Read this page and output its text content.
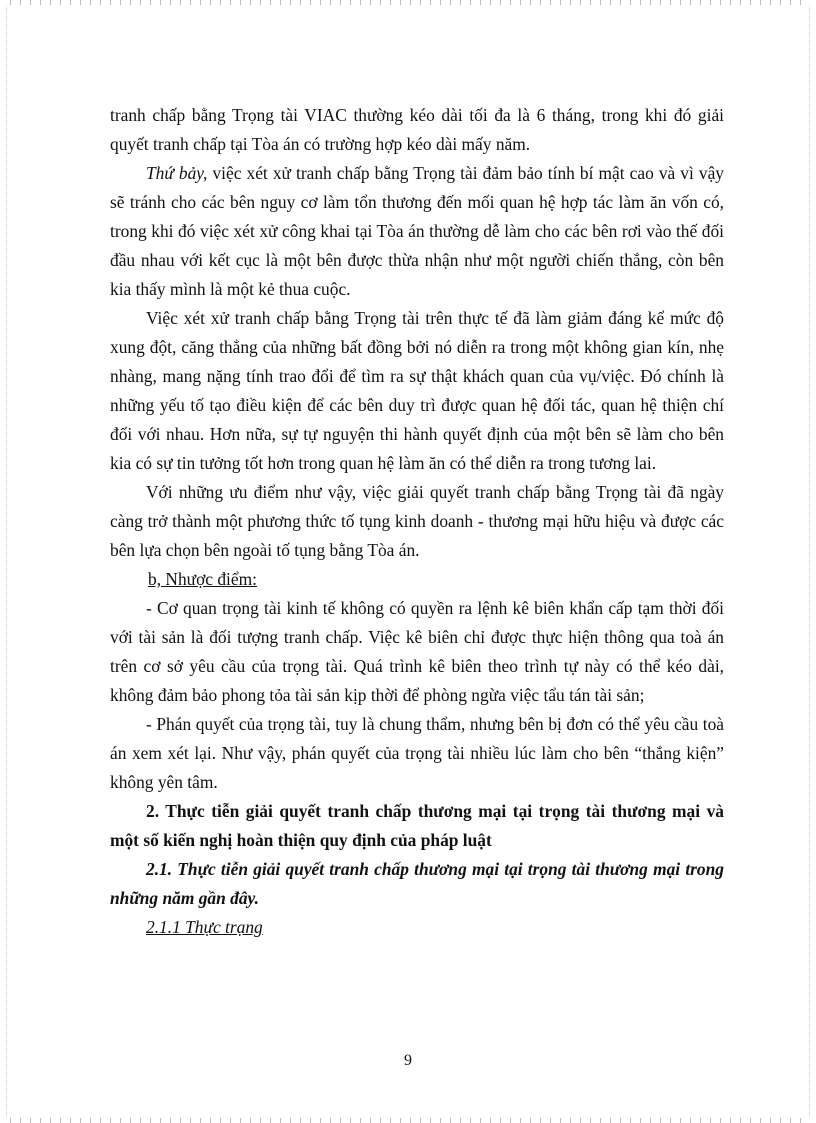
tranh chấp bằng Trọng tài VIAC thường kéo dài tối đa là 6 tháng, trong khi đó giải quyết tranh chấp tại Tòa án có trường hợp kéo dài mấy năm.

Thứ bảy, việc xét xử tranh chấp bằng Trọng tài đảm bảo tính bí mật cao và vì vậy sẽ tránh cho các bên nguy cơ làm tổn thương đến mối quan hệ hợp tác làm ăn vốn có, trong khi đó việc xét xử công khai tại Tòa án thường dễ làm cho các bên rơi vào thế đối đầu nhau với kết cục là một bên được thừa nhận như một người chiến thắng, còn bên kia thấy mình là một kẻ thua cuộc.

Việc xét xử tranh chấp bằng Trọng tài trên thực tế đã làm giảm đáng kể mức độ xung đột, căng thẳng của những bất đồng bởi nó diễn ra trong một không gian kín, nhẹ nhàng, mang nặng tính trao đổi để tìm ra sự thật khách quan của vụ/việc. Đó chính là những yếu tố tạo điều kiện để các bên duy trì được quan hệ đối tác, quan hệ thiện chí đối với nhau. Hơn nữa, sự tự nguyện thi hành quyết định của một bên sẽ làm cho bên kia có sự tin tưởng tốt hơn trong quan hệ làm ăn có thể diễn ra trong tương lai.

Với những ưu điểm như vậy, việc giải quyết tranh chấp bằng Trọng tài đã ngày càng trở thành một phương thức tố tụng kinh doanh - thương mại hữu hiệu và được các bên lựa chọn bên ngoài tố tụng bằng Tòa án.

b, Nhược điểm:

- Cơ quan trọng tài kinh tế không có quyền ra lệnh kê biên khẩn cấp tạm thời đối với tài sản là đối tượng tranh chấp. Việc kê biên chỉ được thực hiện thông qua toà án trên cơ sở yêu cầu của trọng tài. Quá trình kê biên theo trình tự này có thể kéo dài, không đảm bảo phong tỏa tài sản kịp thời để phòng ngừa việc tẩu tán tài sản;

- Phán quyết của trọng tài, tuy là chung thẩm, nhưng bên bị đơn có thể yêu cầu toà án xem xét lại. Như vậy, phán quyết của trọng tài nhiều lúc làm cho bên “thắng kiện” không yên tâm.

2. Thực tiễn giải quyết tranh chấp thương mại tại trọng tài thương mại và một số kiến nghị hoàn thiện quy định của pháp luật

2.1. Thực tiễn giải quyết tranh chấp thương mại tại trọng tài thương mại trong những năm gần đây.

2.1.1 Thực trạng

9
